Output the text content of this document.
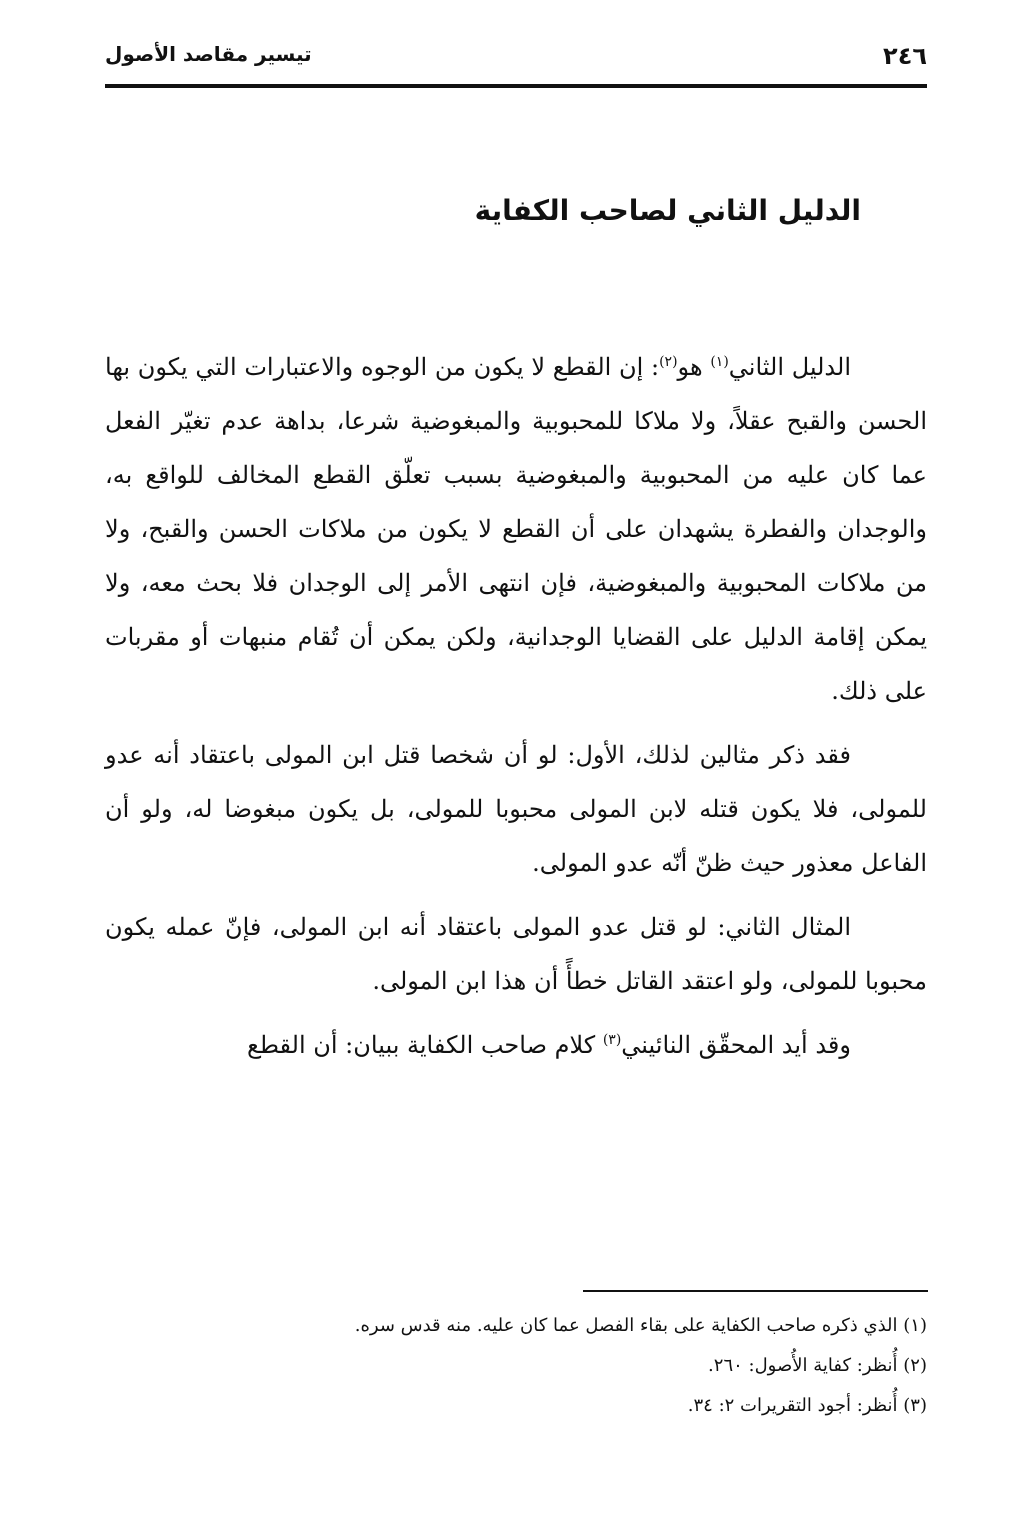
٢٤٦
تيسير مقاصد الأصول
الدليل الثاني لصاحب الكفاية

الدليل الثاني$^{(١)}$ هو$^{(٢)}$: إن القطع لا يكون من الوجوه والاعتبارات التي يكون بها الحسن والقبح عقلاً، ولا ملاكا للمحبوبية والمبغوضية شرعا، بداهة عدم تغيّر الفعل عما كان عليه من المحبوبية والمبغوضية بسبب تعلّق القطع المخالف للواقع به، والوجدان والفطرة يشهدان على أن القطع لا يكون من ملاكات الحسن والقبح، ولا من ملاكات المحبوبية والمبغوضية، فإن انتهى الأمر إلى الوجدان فلا بحث معه، ولا يمكن إقامة الدليل على القضايا الوجدانية، ولكن يمكن أن تُقام منبهات أو مقربات على ذلك.

فقد ذكر مثالين لذلك، الأول: لو أن شخصا قتل ابن المولى باعتقاد أنه عدو للمولى، فلا يكون قتله لابن المولى محبوبا للمولى، بل يكون مبغوضا له، ولو أن الفاعل معذور حيث ظنّ أنّه عدو المولى.

المثال الثاني: لو قتل عدو المولى باعتقاد أنه ابن المولى، فإنّ عمله يكون محبوبا للمولى، ولو اعتقد القاتل خطأً أن هذا ابن المولى.

وقد أيد المحقّق النائيني$^{(٣)}$ كلام صاحب الكفاية ببيان: أن القطع

(١) الذي ذكره صاحب الكفاية على بقاء الفصل عما كان عليه. منه قدس سره.

(٢) أُنظر: كفاية الأُصول: ٢٦٠.

(٣) أُنظر: أجود التقريرات ٢: ٣٤.
